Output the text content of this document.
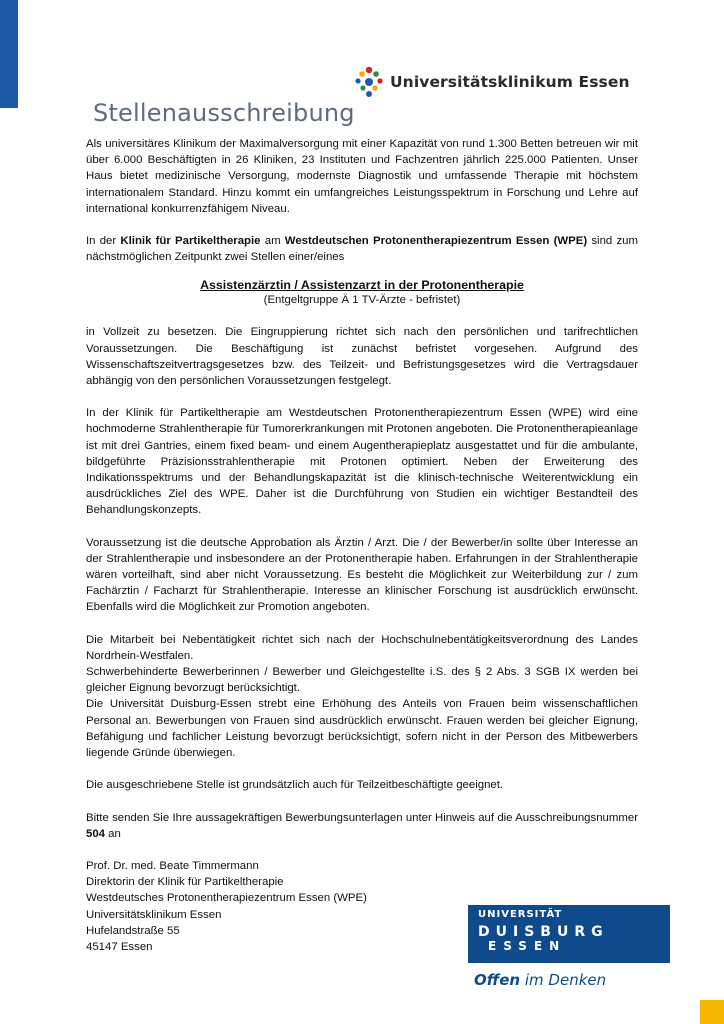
Universitätsklinikum Essen
Stellenausschreibung

Als universitäres Klinikum der Maximalversorgung mit einer Kapazität von rund 1.300 Betten betreuen wir mit über 6.000 Beschäftigten in 26 Kliniken, 23 Instituten und Fachzentren jährlich 225.000 Patienten. Unser Haus bietet medizinische Versorgung, modernste Diagnostik und umfassende Therapie mit höchstem internationalem Standard. Hinzu kommt ein umfangreiches Leistungsspektrum in Forschung und Lehre auf international konkurrenzfähigem Niveau.

In der Klinik für Partikeltherapie am Westdeutschen Protonentherapiezentrum Essen (WPE) sind zum nächstmöglichen Zeitpunkt zwei Stellen einer/eines

Assistenzärztin / Assistenzarzt in der Protonentherapie
(Entgeltgruppe Ä 1 TV-Ärzte - befristet)

in Vollzeit zu besetzen. Die Eingruppierung richtet sich nach den persönlichen und tarifrechtlichen Voraussetzungen. Die Beschäftigung ist zunächst befristet vorgesehen. Aufgrund des Wissenschaftszeitvertragsgesetzes bzw. des Teilzeit- und Befristungsgesetzes wird die Vertragsdauer abhängig von den persönlichen Voraussetzungen festgelegt.

In der Klinik für Partikeltherapie am Westdeutschen Protonentherapiezentrum Essen (WPE) wird eine hochmoderne Strahlentherapie für Tumorerkrankungen mit Protonen angeboten. Die Protonentherapieanlage ist mit drei Gantries, einem fixed beam- und einem Augentherapieplatz ausgestattet und für die ambulante, bildgeführte Präzisionsstrahlentherapie mit Protonen optimiert. Neben der Erweiterung des Indikationsspektrums und der Behandlungskapazität ist die klinisch-technische Weiterentwicklung ein ausdrückliches Ziel des WPE. Daher ist die Durchführung von Studien ein wichtiger Bestandteil des Behandlungskonzepts.

Voraussetzung ist die deutsche Approbation als Ärztin / Arzt. Die / der Bewerber/in sollte über Interesse an der Strahlentherapie und insbesondere an der Protonentherapie haben. Erfahrungen in der Strahlentherapie wären vorteilhaft, sind aber nicht Voraussetzung. Es besteht die Möglichkeit zur Weiterbildung zur / zum Fachärztin / Facharzt für Strahlentherapie. Interesse an klinischer Forschung ist ausdrücklich erwünscht. Ebenfalls wird die Möglichkeit zur Promotion angeboten.

Die Mitarbeit bei Nebentätigkeit richtet sich nach der Hochschulnebentätigkeitsverordnung des Landes Nordrhein-Westfalen.
Schwerbehinderte Bewerberinnen / Bewerber und Gleichgestellte i.S. des § 2 Abs. 3 SGB IX werden bei gleicher Eignung bevorzugt berücksichtigt.
Die Universität Duisburg-Essen strebt eine Erhöhung des Anteils von Frauen beim wissenschaftlichen Personal an. Bewerbungen von Frauen sind ausdrücklich erwünscht. Frauen werden bei gleicher Eignung, Befähigung und fachlicher Leistung bevorzugt berücksichtigt, sofern nicht in der Person des Mitbewerbers liegende Gründe überwiegen.

Die ausgeschriebene Stelle ist grundsätzlich auch für Teilzeitbeschäftigte geeignet.

Bitte senden Sie Ihre aussagekräftigen Bewerbungsunterlagen unter Hinweis auf die Ausschreibungsnummer 504 an

Prof. Dr. med. Beate Timmermann
Direktorin der Klinik für Partikeltherapie
Westdeutsches Protonentherapiezentrum Essen (WPE)
Universitätsklinikum Essen
Hufelandstraße 55
45147 Essen
UNIVERSITÄT
DUISBURG
ESSEN
Offen im Denken
